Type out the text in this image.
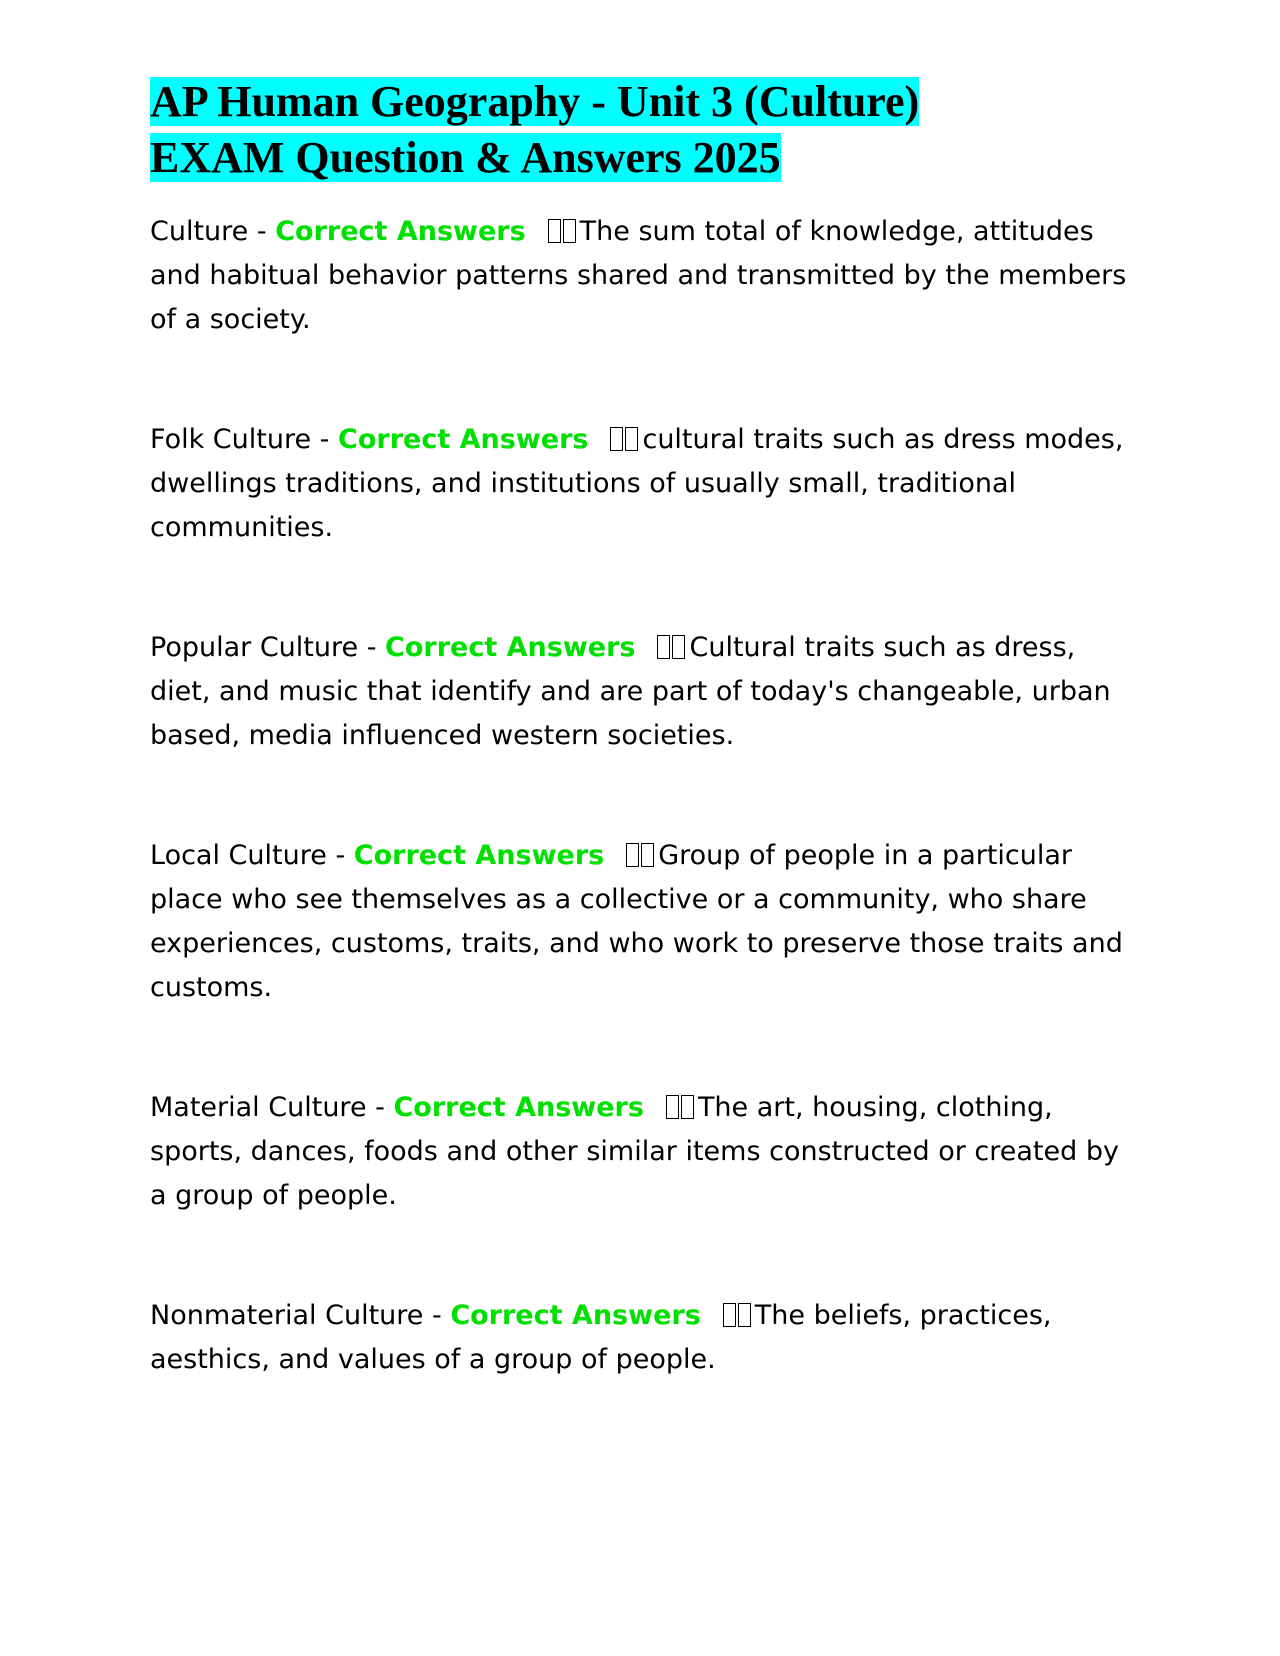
AP Human Geography - Unit 3 (Culture)
EXAM Question & Answers 2025

Culture - Correct Answers The sum total of knowledge, attitudes and habitual behavior patterns shared and transmitted by the members of a society.

Folk Culture - Correct Answers cultural traits such as dress modes, dwellings traditions, and institutions of usually small, traditional communities.

Popular Culture - Correct Answers Cultural traits such as dress, diet, and music that identify and are part of today's changeable, urban based, media influenced western societies.

Local Culture - Correct Answers Group of people in a particular place who see themselves as a collective or a community, who share experiences, customs, traits, and who work to preserve those traits and customs.

Material Culture - Correct Answers The art, housing, clothing, sports, dances, foods and other similar items constructed or created by a group of people.

Nonmaterial Culture - Correct Answers The beliefs, practices, aesthics, and values of a group of people.
